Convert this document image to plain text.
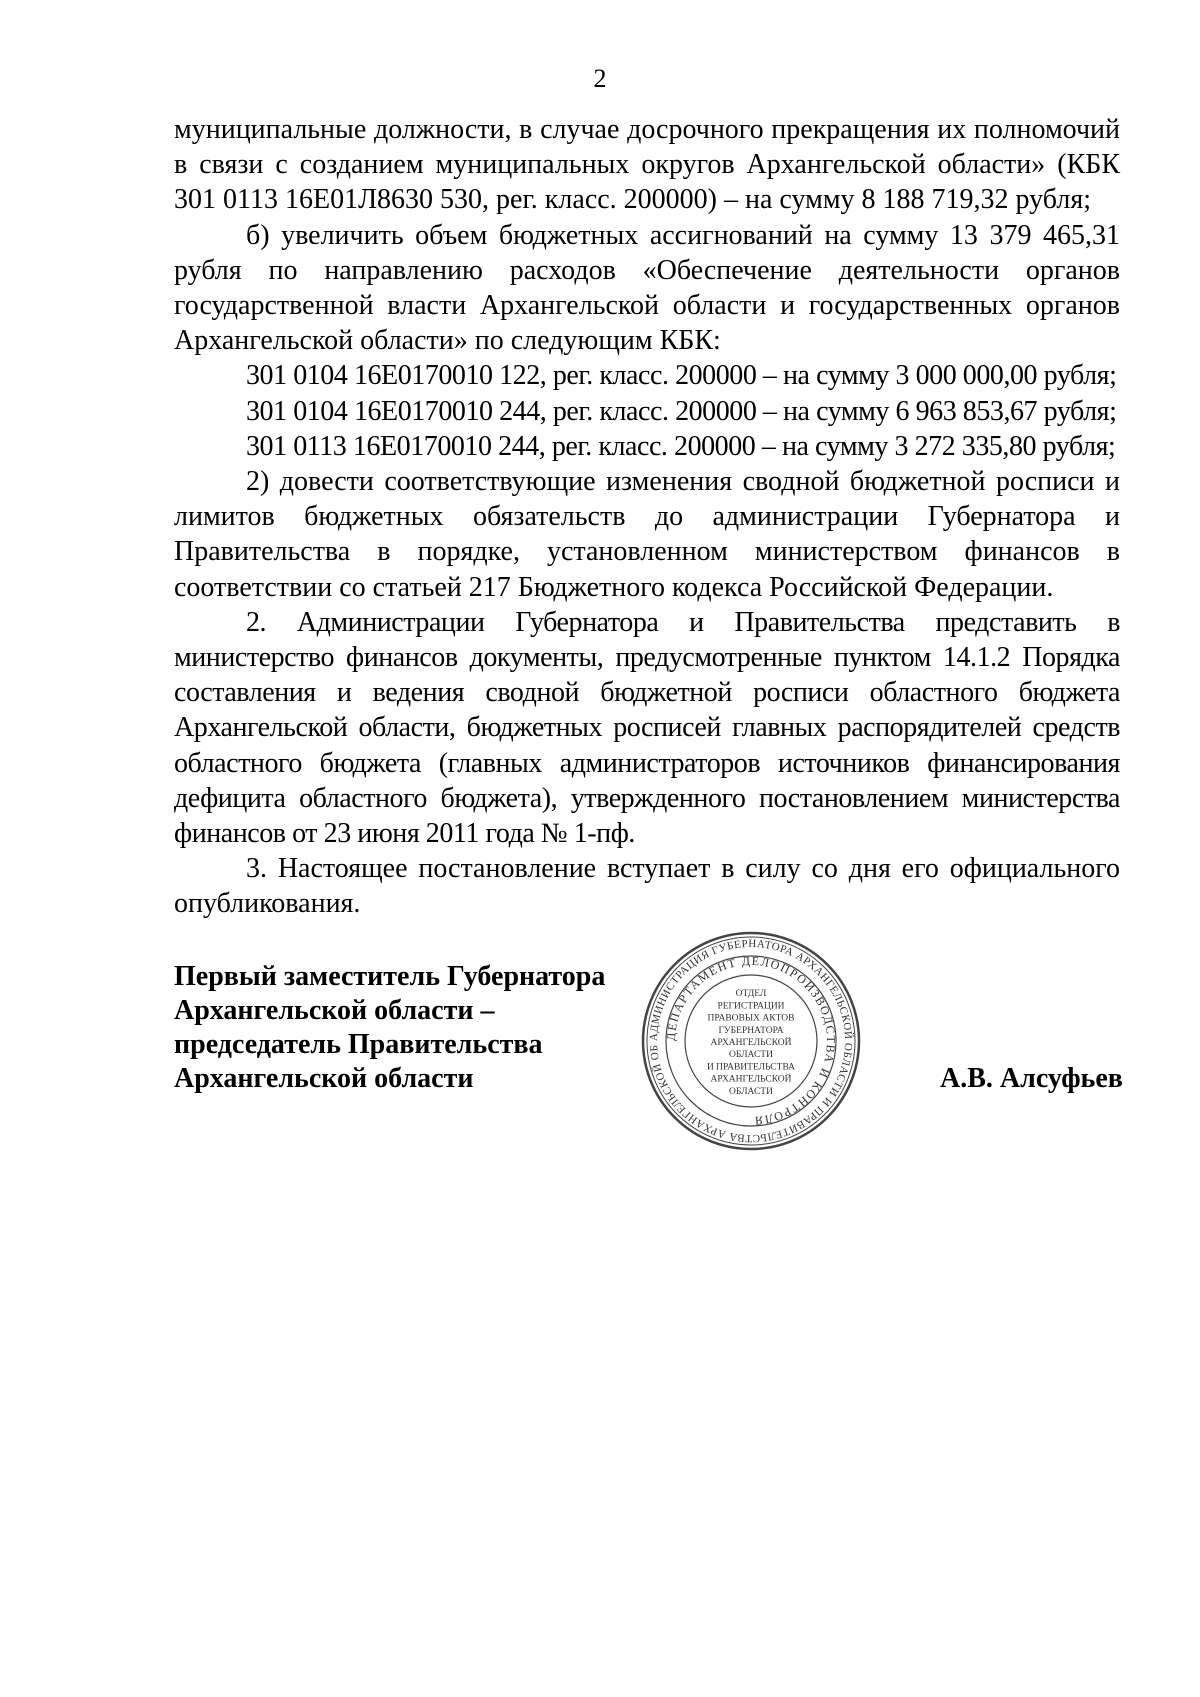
2

муниципальные должности, в случае досрочного прекращения их полномочий в связи с созданием муниципальных округов Архангельской области» (КБК 301 0113 16Е01Л8630 530, рег. класс. 200000) – на сумму 8 188 719,32 рубля;

б) увеличить объем бюджетных ассигнований на сумму 13 379 465,31 рубля по направлению расходов «Обеспечение деятельности органов государственной власти Архангельской области и государственных органов Архангельской области» по следующим КБК:

301 0104 16Е0170010 122, рег. класс. 200000 – на сумму 3 000 000,00 рубля;

301 0104 16Е0170010 244, рег. класс. 200000 – на сумму 6 963 853,67 рубля;

301 0113 16Е0170010 244, рег. класс. 200000 – на сумму 3 272 335,80 рубля;

2) довести соответствующие изменения сводной бюджетной росписи и лимитов бюджетных обязательств до администрации Губернатора и Правительства в порядке, установленном министерством финансов в соответствии со статьей 217 Бюджетного кодекса Российской Федерации.

2. Администрации Губернатора и Правительства представить в министерство финансов документы, предусмотренные пунктом 14.1.2 Порядка составления и ведения сводной бюджетной росписи областного бюджета Архангельской области, бюджетных росписей главных распорядителей средств областного бюджета (главных администраторов источников финансирования дефицита областного бюджета), утвержденного постановлением министерства финансов от 23 июня 2011 года № 1-пф.

3. Настоящее постановление вступает в силу со дня его официального опубликования.

Первый заместитель Губернатора
Архангельской области –
председатель Правительства
Архангельской области	А.В. Алсуфьев
АДМИНИСТРАЦИЯ ГУБЕРНАТОРА АРХАНГЕЛЬСКОЙ ОБЛАСТИ И ПРАВИТЕЛЬСТВА АРХАНГЕЛЬСКОЙ ОБ
ДЕПАРТАМЕНТ ДЕЛОПРОИЗВОДСТВА И КОНТРОЛЯ
ОТДЕЛ
РЕГИСТРАЦИИ
ПРАВОВЫХ АКТОВ
ГУБЕРНАТОРА
АРХАНГЕЛЬСКОЙ
ОБЛАСТИ
И ПРАВИТЕЛЬСТВА
АРХАНГЕЛЬСКОЙ
ОБЛАСТИ
